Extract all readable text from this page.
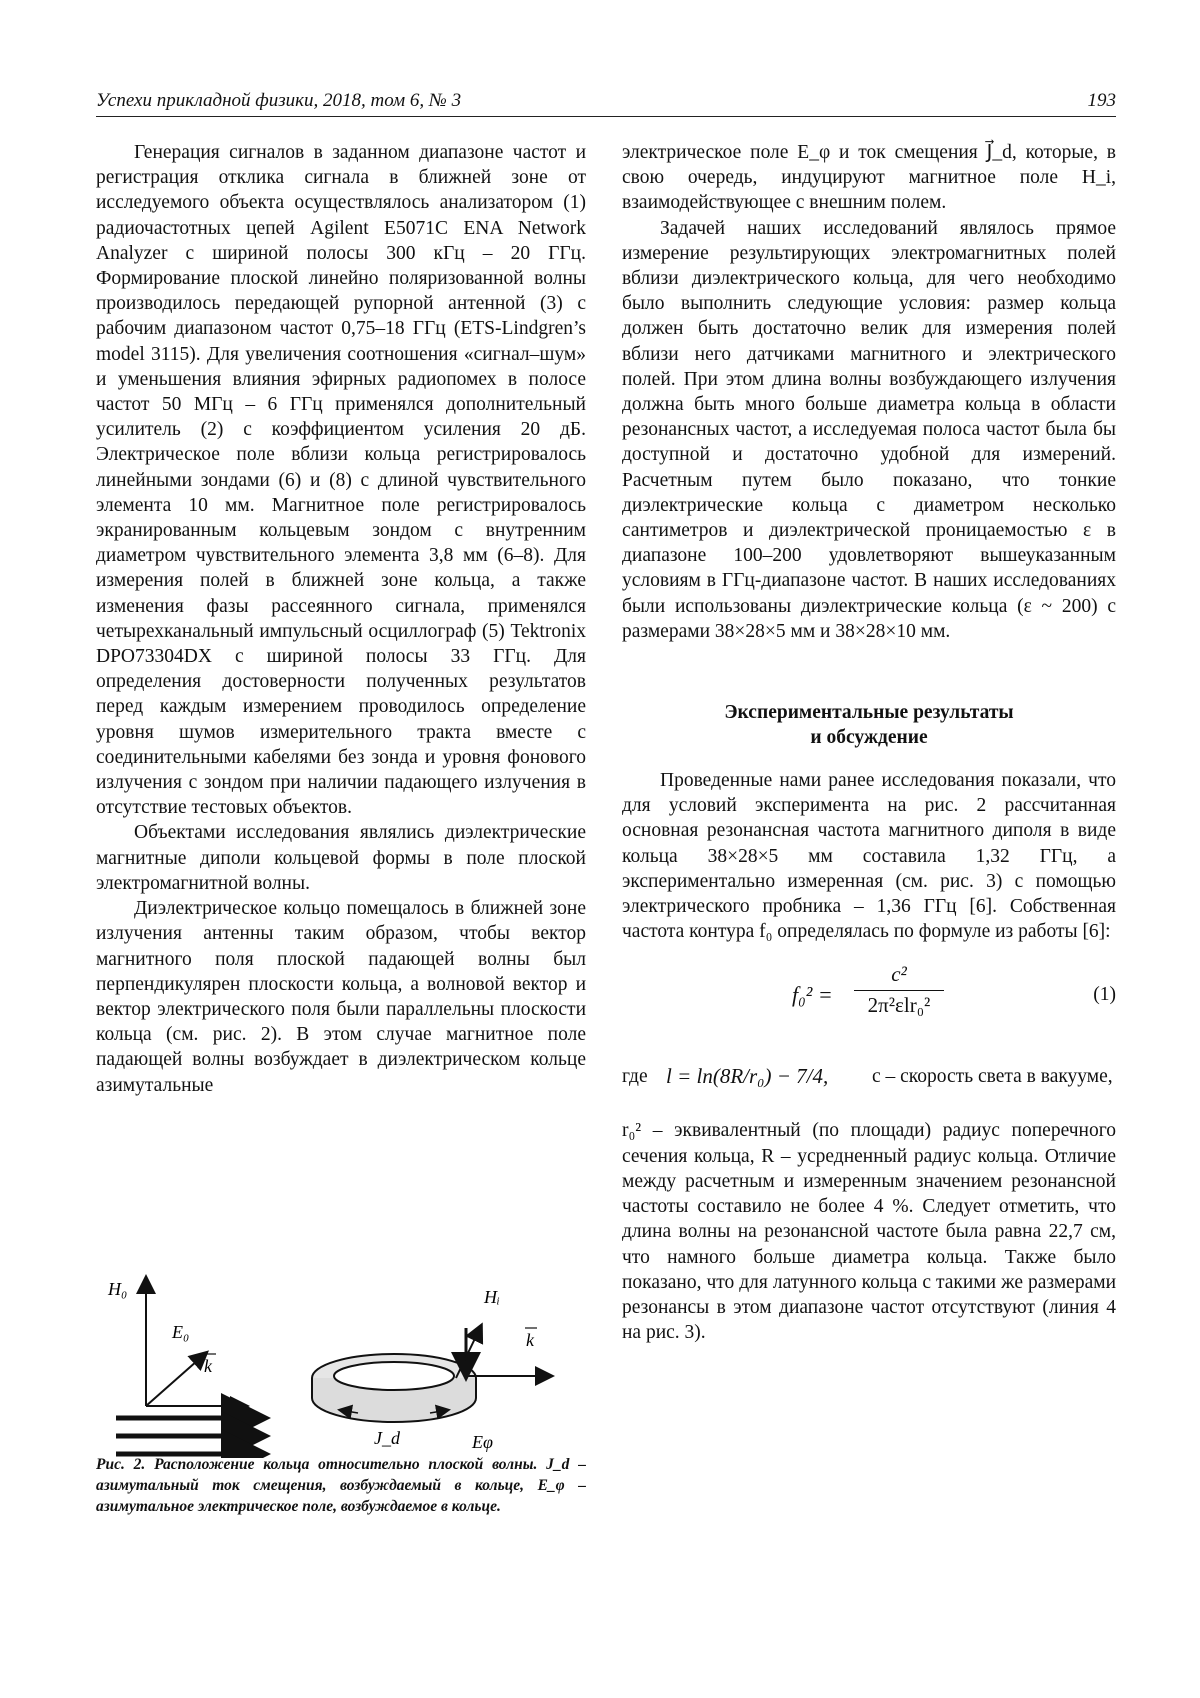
Успехи прикладной физики, 2018, том 6, № 3	193

Генерация сигналов в заданном диапазоне частот и регистрация отклика сигнала в ближней зоне от исследуемого объекта осуществлялось анализатором (1) радиочастотных цепей Agilent E5071C ENA Network Analyzer с шириной полосы 300 кГц – 20 ГГц. Формирование плоской линейно поляризованной волны производилось передающей рупорной антенной (3) с рабочим диапазоном частот 0,75–18 ГГц (ETS-Lindgren’s model 3115). Для увеличения соотношения «сигнал–шум» и уменьшения влияния эфирных радиопомех в полосе частот 50 МГц – 6 ГГц применялся дополнительный усилитель (2) с коэффициентом усиления 20 дБ. Электрическое поле вблизи кольца регистрировалось линейными зондами (6) и (8) с длиной чувствительного элемента 10 мм. Магнитное поле регистрировалось экранированным кольцевым зондом с внутренним диаметром чувствительного элемента 3,8 мм (6–8). Для измерения полей в ближней зоне кольца, а также изменения фазы рассеянного сигнала, применялся четырехканальный импульсный осциллограф (5) Tektronix DPO73304DX с шириной полосы 33 ГГц. Для определения достоверности полученных результатов перед каждым измерением проводилось определение уровня шумов измерительного тракта вместе с соединительными кабелями без зонда и уровня фонового излучения с зондом при наличии падающего излучения в отсутствие тестовых объектов.

Объектами исследования являлись диэлектрические магнитные диполи кольцевой формы в поле плоской электромагнитной волны.

Диэлектрическое кольцо помещалось в ближней зоне излучения антенны таким образом, чтобы вектор магнитного поля плоской падающей волны был перпендикулярен плоскости кольца, а волновой вектор и вектор электрического поля были параллельны плоскости кольца (см. рис. 2). В этом случае магнитное поле падающей волны возбуждает в диэлектрическом кольце азимутальные

H₀
E₀
k
Hᵢ
k
J_d	Eφ
Рис. 2. Расположение кольца относительно плоской волны. J_d – азимутальный ток смещения, возбуждаемый в кольце, E_φ – азимутальное электрическое поле, возбуждаемое в кольце.

электрическое поле E_φ и ток смещения J⃗_d, которые, в свою очередь, индуцируют магнитное поле H_i, взаимодействующее с внешним полем.

Задачей наших исследований являлось прямое измерение результирующих электромагнитных полей вблизи диэлектрического кольца, для чего необходимо было выполнить следующие условия: размер кольца должен быть достаточно велик для измерения полей вблизи него датчиками магнитного и электрического полей. При этом длина волны возбуждающего излучения должна быть много больше диаметра кольца в области резонансных частот, а исследуемая полоса частот была бы доступной и достаточно удобной для измерений. Расчетным путем было показано, что тонкие диэлектрические кольца с диаметром несколько сантиметров и диэлектрической проницаемостью ε в диапазоне 100–200 удовлетворяют вышеуказанным условиям в ГГц-диапазоне частот. В наших исследованиях были использованы диэлектрические кольца (ε ~ 200) с размерами 38×28×5 мм и 38×28×10 мм.

Экспериментальные результаты
и обсуждение

Проведенные нами ранее исследования показали, что для условий эксперимента на рис. 2 рассчитанная основная резонансная частота магнитного диполя в виде кольца 38×28×5 мм составила 1,32 ГГц, а экспериментально измеренная (см. рис. 3) с помощью электрического пробника – 1,36 ГГц [6]. Собственная частота контура f₀ определялась по формуле из работы [6]:

f₀² =
c²
2π²εlr₀²	(1)
где l = ln(8R/r₀) − 7/4, c – скорость света в вакууме,

r₀² – эквивалентный (по площади) радиус поперечного сечения кольца, R – усредненный радиус кольца. Отличие между расчетным и измеренным значением резонансной частоты составило не более 4 %. Следует отметить, что длина волны на резонансной частоте была равна 22,7 см, что намного больше диаметра кольца. Также было показано, что для латунного кольца с такими же размерами резонансы в этом диапазоне частот отсутствуют (линия 4 на рис. 3).
